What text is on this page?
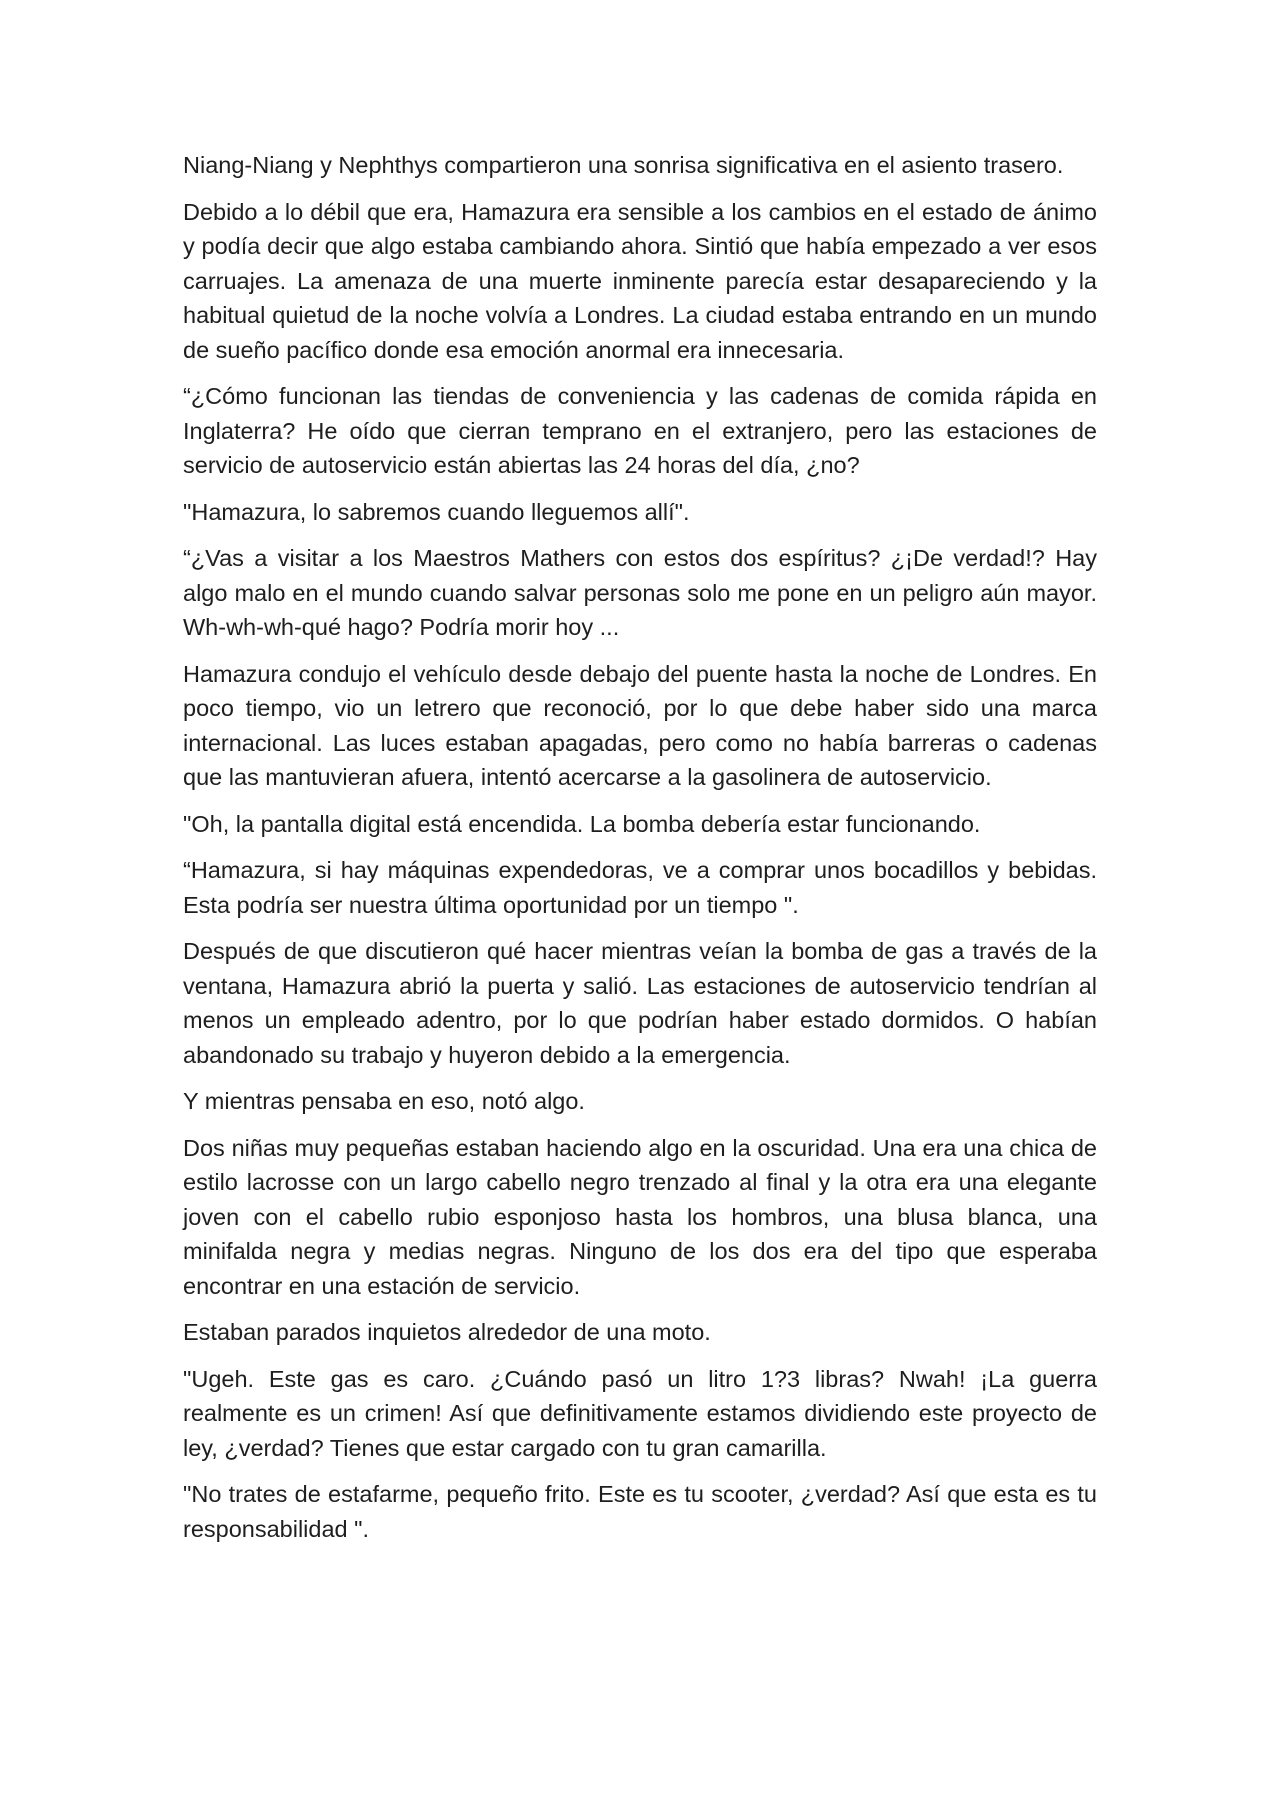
Niang-Niang y Nephthys compartieron una sonrisa significativa en el asiento trasero.

Debido a lo débil que era, Hamazura era sensible a los cambios en el estado de ánimo y podía decir que algo estaba cambiando ahora. Sintió que había empezado a ver esos carruajes. La amenaza de una muerte inminente parecía estar desapareciendo y la habitual quietud de la noche volvía a Londres. La ciudad estaba entrando en un mundo de sueño pacífico donde esa emoción anormal era innecesaria.

“¿Cómo funcionan las tiendas de conveniencia y las cadenas de comida rápida en Inglaterra? He oído que cierran temprano en el extranjero, pero las estaciones de servicio de autoservicio están abiertas las 24 horas del día, ¿no?

"Hamazura, lo sabremos cuando lleguemos allí".

“¿Vas a visitar a los Maestros Mathers con estos dos espíritus? ¿¡De verdad!? Hay algo malo en el mundo cuando salvar personas solo me pone en un peligro aún mayor. Wh-wh-wh-qué hago? Podría morir hoy ...

Hamazura condujo el vehículo desde debajo del puente hasta la noche de Londres. En poco tiempo, vio un letrero que reconoció, por lo que debe haber sido una marca internacional. Las luces estaban apagadas, pero como no había barreras o cadenas que las mantuvieran afuera, intentó acercarse a la gasolinera de autoservicio.

"Oh, la pantalla digital está encendida. La bomba debería estar funcionando.

“Hamazura, si hay máquinas expendedoras, ve a comprar unos bocadillos y bebidas. Esta podría ser nuestra última oportunidad por un tiempo ".

Después de que discutieron qué hacer mientras veían la bomba de gas a través de la ventana, Hamazura abrió la puerta y salió. Las estaciones de autoservicio tendrían al menos un empleado adentro, por lo que podrían haber estado dormidos. O habían abandonado su trabajo y huyeron debido a la emergencia.

Y mientras pensaba en eso, notó algo.

Dos niñas muy pequeñas estaban haciendo algo en la oscuridad. Una era una chica de estilo lacrosse con un largo cabello negro trenzado al final y la otra era una elegante joven con el cabello rubio esponjoso hasta los hombros, una blusa blanca, una minifalda negra y medias negras. Ninguno de los dos era del tipo que esperaba encontrar en una estación de servicio.

Estaban parados inquietos alrededor de una moto.

"Ugeh. Este gas es caro. ¿Cuándo pasó un litro 1?3 libras? Nwah! ¡La guerra realmente es un crimen! Así que definitivamente estamos dividiendo este proyecto de ley, ¿verdad? Tienes que estar cargado con tu gran camarilla.

"No trates de estafarme, pequeño frito. Este es tu scooter, ¿verdad? Así que esta es tu responsabilidad ".
